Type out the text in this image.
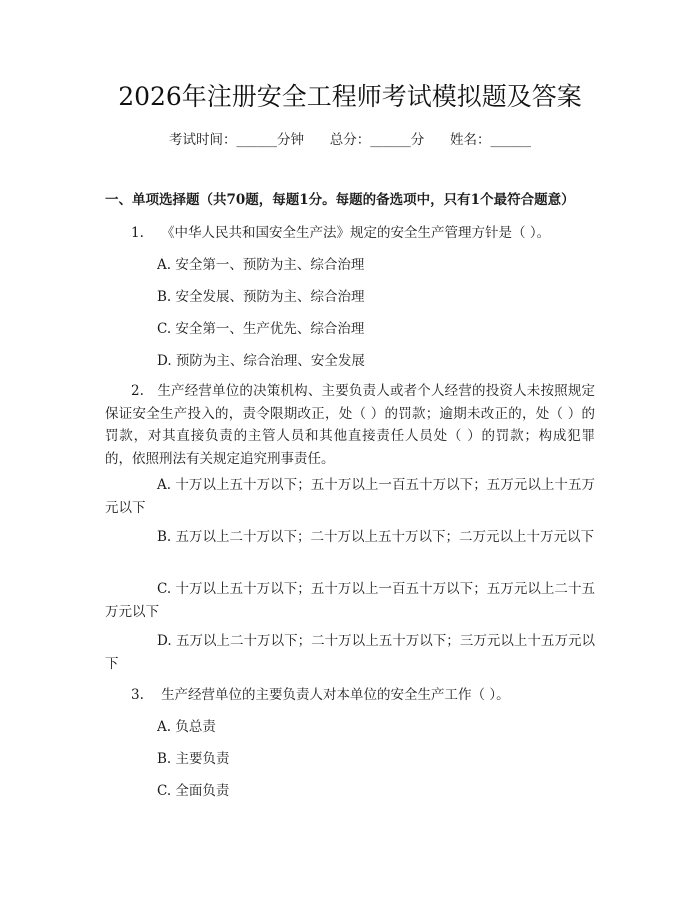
2026年注册安全工程师考试模拟题及答案
考试时间：______分钟 总分：______分 姓名：______
一、单项选择题（共70题，每题1分。每题的备选项中，只有1个最符合题意）
1. 《中华人民共和国安全生产法》规定的安全生产管理方针是（ ）。
A. 安全第一、预防为主、综合治理
B. 安全发展、预防为主、综合治理
C. 安全第一、生产优先、综合治理
D. 预防为主、综合治理、安全发展
2. 生产经营单位的决策机构、主要负责人或者个人经营的投资人未按照规定保证安全生产投入的，责令限期改正，处（ ）的罚款；逾期未改正的，处（ ）的罚款，对其直接负责的主管人员和其他直接责任人员处（ ）的罚款；构成犯罪的，依照刑法有关规定追究刑事责任。
A. 十万以上五十万以下；五十万以上一百五十万以下；五万元以上十五万元以下
B. 五万以上二十万以下；二十万以上五十万以下；二万元以上十万元以下
C. 十万以上五十万以下；五十万以上一百五十万以下；五万元以上二十五万元以下
D. 五万以上二十万以下；二十万以上五十万以下；三万元以上十五万元以下
3. 生产经营单位的主要负责人对本单位的安全生产工作（ ）。
A. 负总责
B. 主要负责
C. 全面负责
